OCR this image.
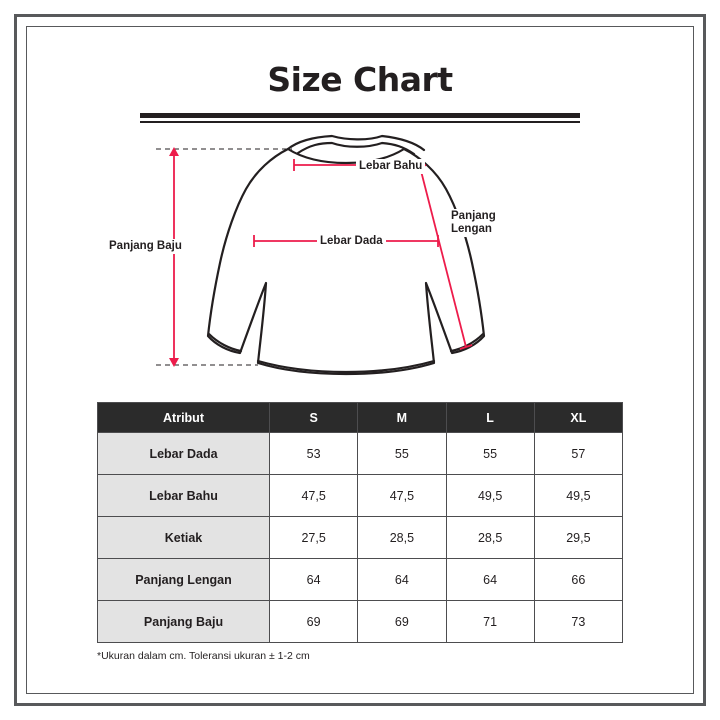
Size Chart
Panjang Baju
Lebar Bahu
Lebar Dada
Panjang
Lengan
Atribut	S	M	L	XL
Lebar Dada	53	55	55	57
Lebar Bahu	47,5	47,5	49,5	49,5
Ketiak	27,5	28,5	28,5	29,5
Panjang Lengan	64	64	64	66
Panjang Baju	69	69	71	73
*Ukuran dalam cm. Toleransi ukuran ± 1-2 cm
